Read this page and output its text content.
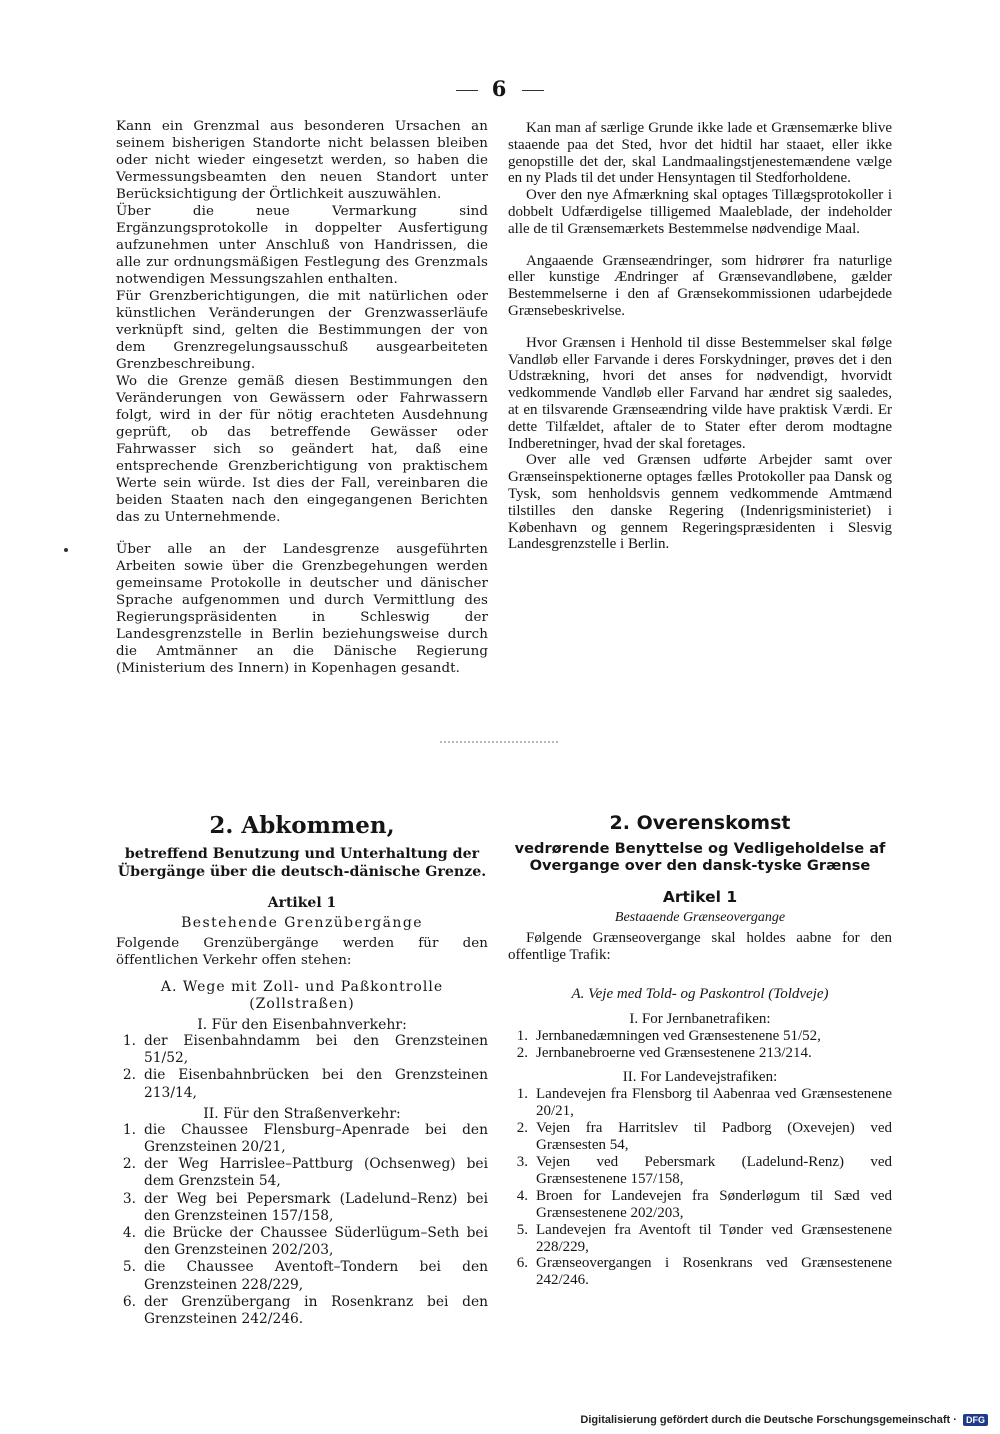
6

Kann ein Grenzmal aus besonderen Ursachen an seinem bisherigen Standorte nicht belassen bleiben oder nicht wieder eingesetzt werden, so haben die Vermessungsbeamten den neuen Standort unter Berücksichtigung der Örtlichkeit auszuwählen.

Über die neue Vermarkung sind Ergänzungsprotokolle in doppelter Ausfertigung aufzunehmen unter Anschluß von Handrissen, die alle zur ordnungsmäßigen Festlegung des Grenzmals notwendigen Messungszahlen enthalten.

Für Grenzberichtigungen, die mit natürlichen oder künstlichen Veränderungen der Grenzwasserläufe verknüpft sind, gelten die Bestimmungen der von dem Grenzregelungsausschuß ausgearbeiteten Grenzbeschreibung.

Wo die Grenze gemäß diesen Bestimmungen den Veränderungen von Gewässern oder Fahrwassern folgt, wird in der für nötig erachteten Ausdehnung geprüft, ob das betreffende Gewässer oder Fahrwasser sich so geändert hat, daß eine entsprechende Grenzberichtigung von praktischem Werte sein würde. Ist dies der Fall, vereinbaren die beiden Staaten nach den eingegangenen Berichten das zu Unternehmende.

Über alle an der Landesgrenze ausgeführten Arbeiten sowie über die Grenzbegehungen werden gemeinsame Protokolle in deutscher und dänischer Sprache aufgenommen und durch Vermittlung des Regierungspräsidenten in Schleswig der Landesgrenzstelle in Berlin beziehungsweise durch die Amtmänner an die Dänische Regierung (Ministerium des Innern) in Kopenhagen gesandt.

Kan man af særlige Grunde ikke lade et Grænsemærke blive staaende paa det Sted, hvor det hidtil har staaet, eller ikke genopstille det der, skal Landmaalingstjenestemændene vælge en ny Plads til det under Hensyntagen til Stedforholdene.

Over den nye Afmærkning skal optages Tillægsprotokoller i dobbelt Udfærdigelse tilligemed Maaleblade, der indeholder alle de til Grænsemærkets Bestemmelse nødvendige Maal.

Angaaende Grænseændringer, som hidrører fra naturlige eller kunstige Ændringer af Grænsevandløbene, gælder Bestemmelserne i den af Grænsekommissionen udarbejdede Grænsebeskrivelse.

Hvor Grænsen i Henhold til disse Bestemmelser skal følge Vandløb eller Farvande i deres Forskydninger, prøves det i den Udstrækning, hvori det anses for nødvendigt, hvorvidt vedkommende Vandløb eller Farvand har ændret sig saaledes, at en tilsvarende Grænseændring vilde have praktisk Værdi. Er dette Tilfældet, aftaler de to Stater efter derom modtagne Indberetninger, hvad der skal foretages.

Over alle ved Grænsen udførte Arbejder samt over Grænseinspektionerne optages fælles Protokoller paa Dansk og Tysk, som henholdsvis gennem vedkommende Amtmænd tilstilles den danske Regering (Indenrigsministeriet) i København og gennem Regeringspræsidenten i Slesvig Landesgrenzstelle i Berlin.

2. Abkommen,

betreffend Benutzung und Unterhaltung der Übergänge über die deutsch-dänische Grenze.

Artikel 1

Bestehende Grenzübergänge

Folgende Grenzübergänge werden für den öffentlichen Verkehr offen stehen:

A. Wege mit Zoll- und Paßkontrolle (Zollstraßen)

I. Für den Eisenbahnverkehr:

1. der Eisenbahndamm bei den Grenzsteinen 51/52,
2. die Eisenbahnbrücken bei den Grenzsteinen 213/14,

II. Für den Straßenverkehr:

1. die Chaussee Flensburg–Apenrade bei den Grenzsteinen 20/21,
2. der Weg Harrislee–Pattburg (Ochsenweg) bei dem Grenzstein 54,
3. der Weg bei Pepersmark (Ladelund–Renz) bei den Grenzsteinen 157/158,
4. die Brücke der Chaussee Süderlügum–Seth bei den Grenzsteinen 202/203,
5. die Chaussee Aventoft–Tondern bei den Grenzsteinen 228/229,
6. der Grenzübergang in Rosenkranz bei den Grenzsteinen 242/246.
2. Overenskomst

vedrørende Benyttelse og Vedligeholdelse af Overgange over den dansk-tyske Grænse

Artikel 1

Bestaaende Grænseovergange

Følgende Grænseovergange skal holdes aabne for den offentlige Trafik:

A. Veje med Told- og Paskontrol (Toldveje)

I. For Jernbanetrafiken:

1. Jernbanedæmningen ved Grænsestenene 51/52,
2. Jernbanebroerne ved Grænsestenene 213/214.

II. For Landevejstrafiken:

1. Landevejen fra Flensborg til Aabenraa ved Grænsestenene 20/21,
2. Vejen fra Harritslev til Padborg (Oxevejen) ved Grænsesten 54,
3. Vejen ved Pebersmark (Ladelund-Renz) ved Grænsestenene 157/158,
4. Broen for Landevejen fra Sønderløgum til Sæd ved Grænsestenene 202/203,
5. Landevejen fra Aventoft til Tønder ved Grænsestenene 228/229,
6. Grænseovergangen i Rosenkrans ved Grænsestenene 242/246.
Digitalisierung gefördert durch die Deutsche Forschungsgemeinschaft · DFG
